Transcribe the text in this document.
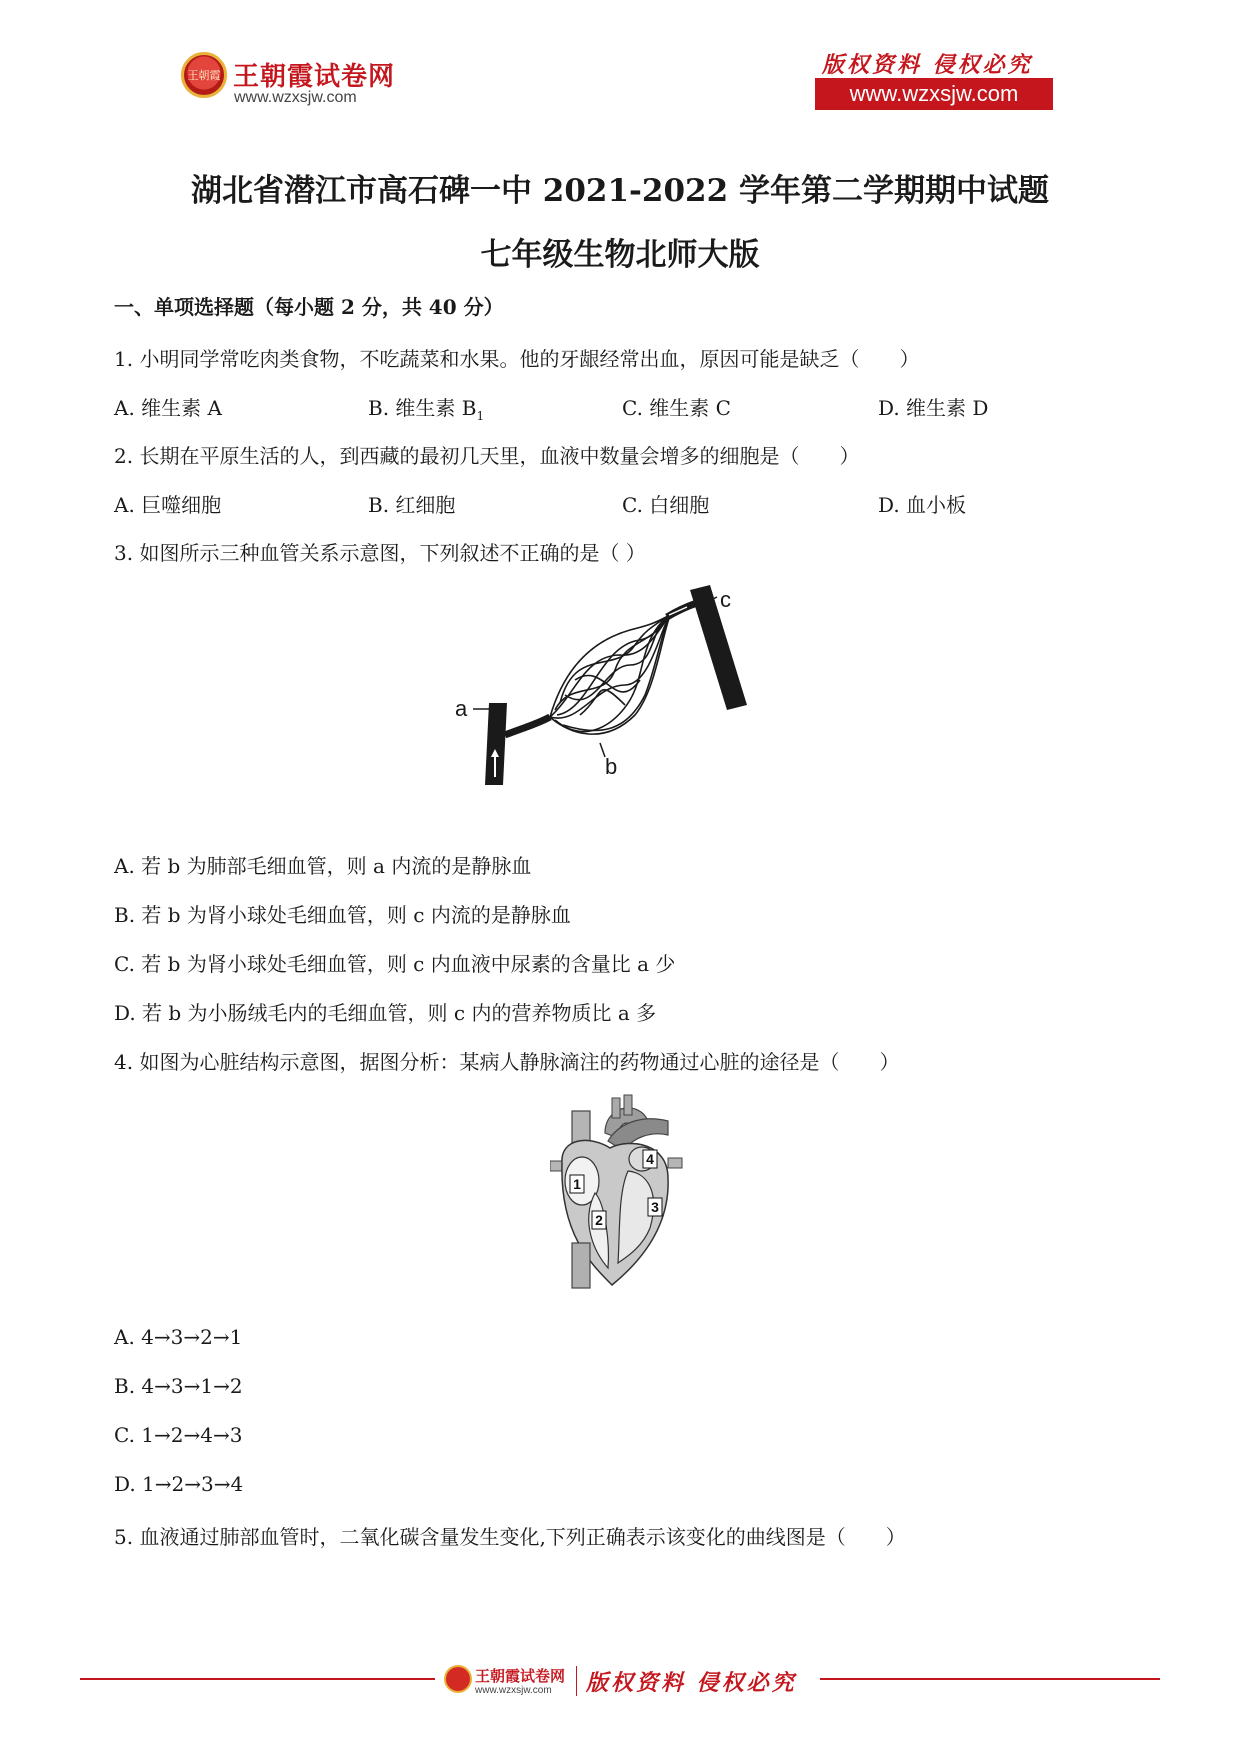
王朝霞 王朝霞试卷网
www.wzxsjw.com
版权资料 侵权必究
www.wzxsjw.com
湖北省潜江市高石碑一中 2021-2022 学年第二学期期中试题
七年级生物北师大版
一、单项选择题（每小题 2 分，共 40 分）
1. 小明同学常吃肉类食物，不吃蔬菜和水果。他的牙龈经常出血，原因可能是缺乏（　　）
A. 维生素 A	B. 维生素 $B_1$	C. 维生素 C	D. 维生素 D
2. 长期在平原生活的人，到西藏的最初几天里，血液中数量会增多的细胞是（　　）
A. 巨噬细胞	B. 红细胞	C. 白细胞	D. 血小板
3. 如图所示三种血管关系示意图，下列叙述不正确的是（ ）
a
b
c
A. 若 b 为肺部毛细血管，则 a 内流的是静脉血
B. 若 b 为肾小球处毛细血管，则 c 内流的是静脉血
C. 若 b 为肾小球处毛细血管，则 c 内血液中尿素的含量比 a 少
D. 若 b 为小肠绒毛内的毛细血管，则 c 内的营养物质比 a 多
4. 如图为心脏结构示意图，据图分析：某病人静脉滴注的药物通过心脏的途径是（　　）
1
2
3
4
A. 4→3→2→1
B. 4→3→1→2
C. 1→2→4→3
D. 1→2→3→4
5. 血液通过肺部血管时，二氧化碳含量发生变化,下列正确表示该变化的曲线图是（　　）
王朝霞试卷网
www.wzxsjw.com 版权资料 侵权必究
